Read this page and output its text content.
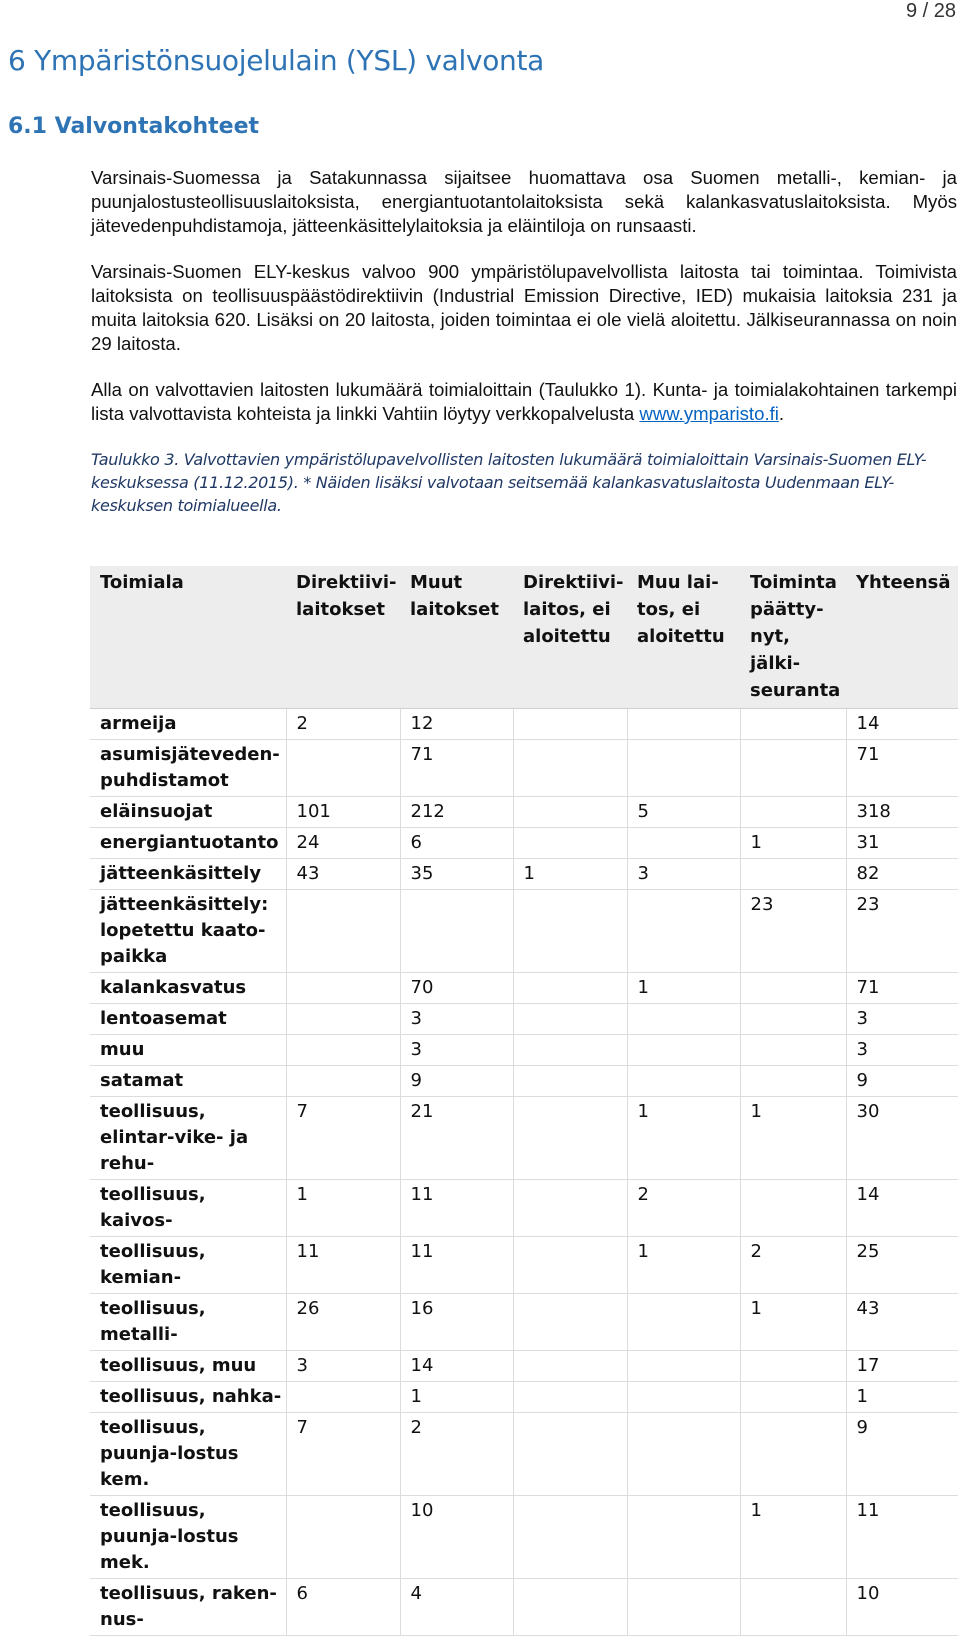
9 / 28
6 Ympäristönsuojelulain (YSL) valvonta
6.1 Valvontakohteet

Varsinais-Suomessa ja Satakunnassa sijaitsee huomattava osa Suomen metalli-, kemian- ja puunjalostusteollisuuslaitoksista, energiantuotantolaitoksista sekä kalankasvatuslaitoksista. Myös jätevedenpuhdistamoja, jätteenkäsittelylaitoksia ja eläintiloja on runsaasti.

Varsinais-Suomen ELY-keskus valvoo 900 ympäristölupavelvollista laitosta tai toimintaa. Toimivista laitoksista on teollisuuspäästödirektiivin (Industrial Emission Directive, IED) mukaisia laitoksia 231 ja muita laitoksia 620. Lisäksi on 20 laitosta, joiden toimintaa ei ole vielä aloitettu. Jälkiseurannassa on noin 29 laitosta.

Alla on valvottavien laitosten lukumäärä toimialoittain (Taulukko 1). Kunta- ja toimialakohtainen tarkempi lista valvottavista kohteista ja linkki Vahtiin löytyy verkkopalvelusta www.ymparisto.fi.

Taulukko 3. Valvottavien ympäristölupavelvollisten laitosten lukumäärä toimialoittain Varsinais-Suomen ELY-keskuksessa (11.12.2015). * Näiden lisäksi valvotaan seitsemää kalankasvatuslaitosta Uudenmaan ELY-keskuksen toimialueella.
Toimiala	Direktiivi-laitokset	Muut laitokset	Direktiivi-laitos, ei aloitettu	Muu lai-tos, ei aloitettu	Toiminta päätty-nyt, jälki-seuranta	Yhteensä
armeija	2	12				14
asumisjäteveden-puhdistamot		71				71
eläinsuojat	101	212		5		318
energiantuotanto	24	6			1	31
jätteenkäsittely	43	35	1	3		82
jätteenkäsittely: lopetettu kaato-paikka					23	23
kalankasvatus		70		1		71
lentoasemat		3				3
muu		3				3
satamat		9				9
teollisuus, elintar-vike- ja rehu-	7	21		1	1	30
teollisuus, kaivos-	1	11		2		14
teollisuus, kemian-	11	11		1	2	25
teollisuus, metalli-	26	16			1	43
teollisuus, muu	3	14				17
teollisuus, nahka-		1				1
teollisuus, puunja-lostus kem.	7	2				9
teollisuus, puunja-lostus mek.		10			1	11
teollisuus, raken-nus-	6	4				10
